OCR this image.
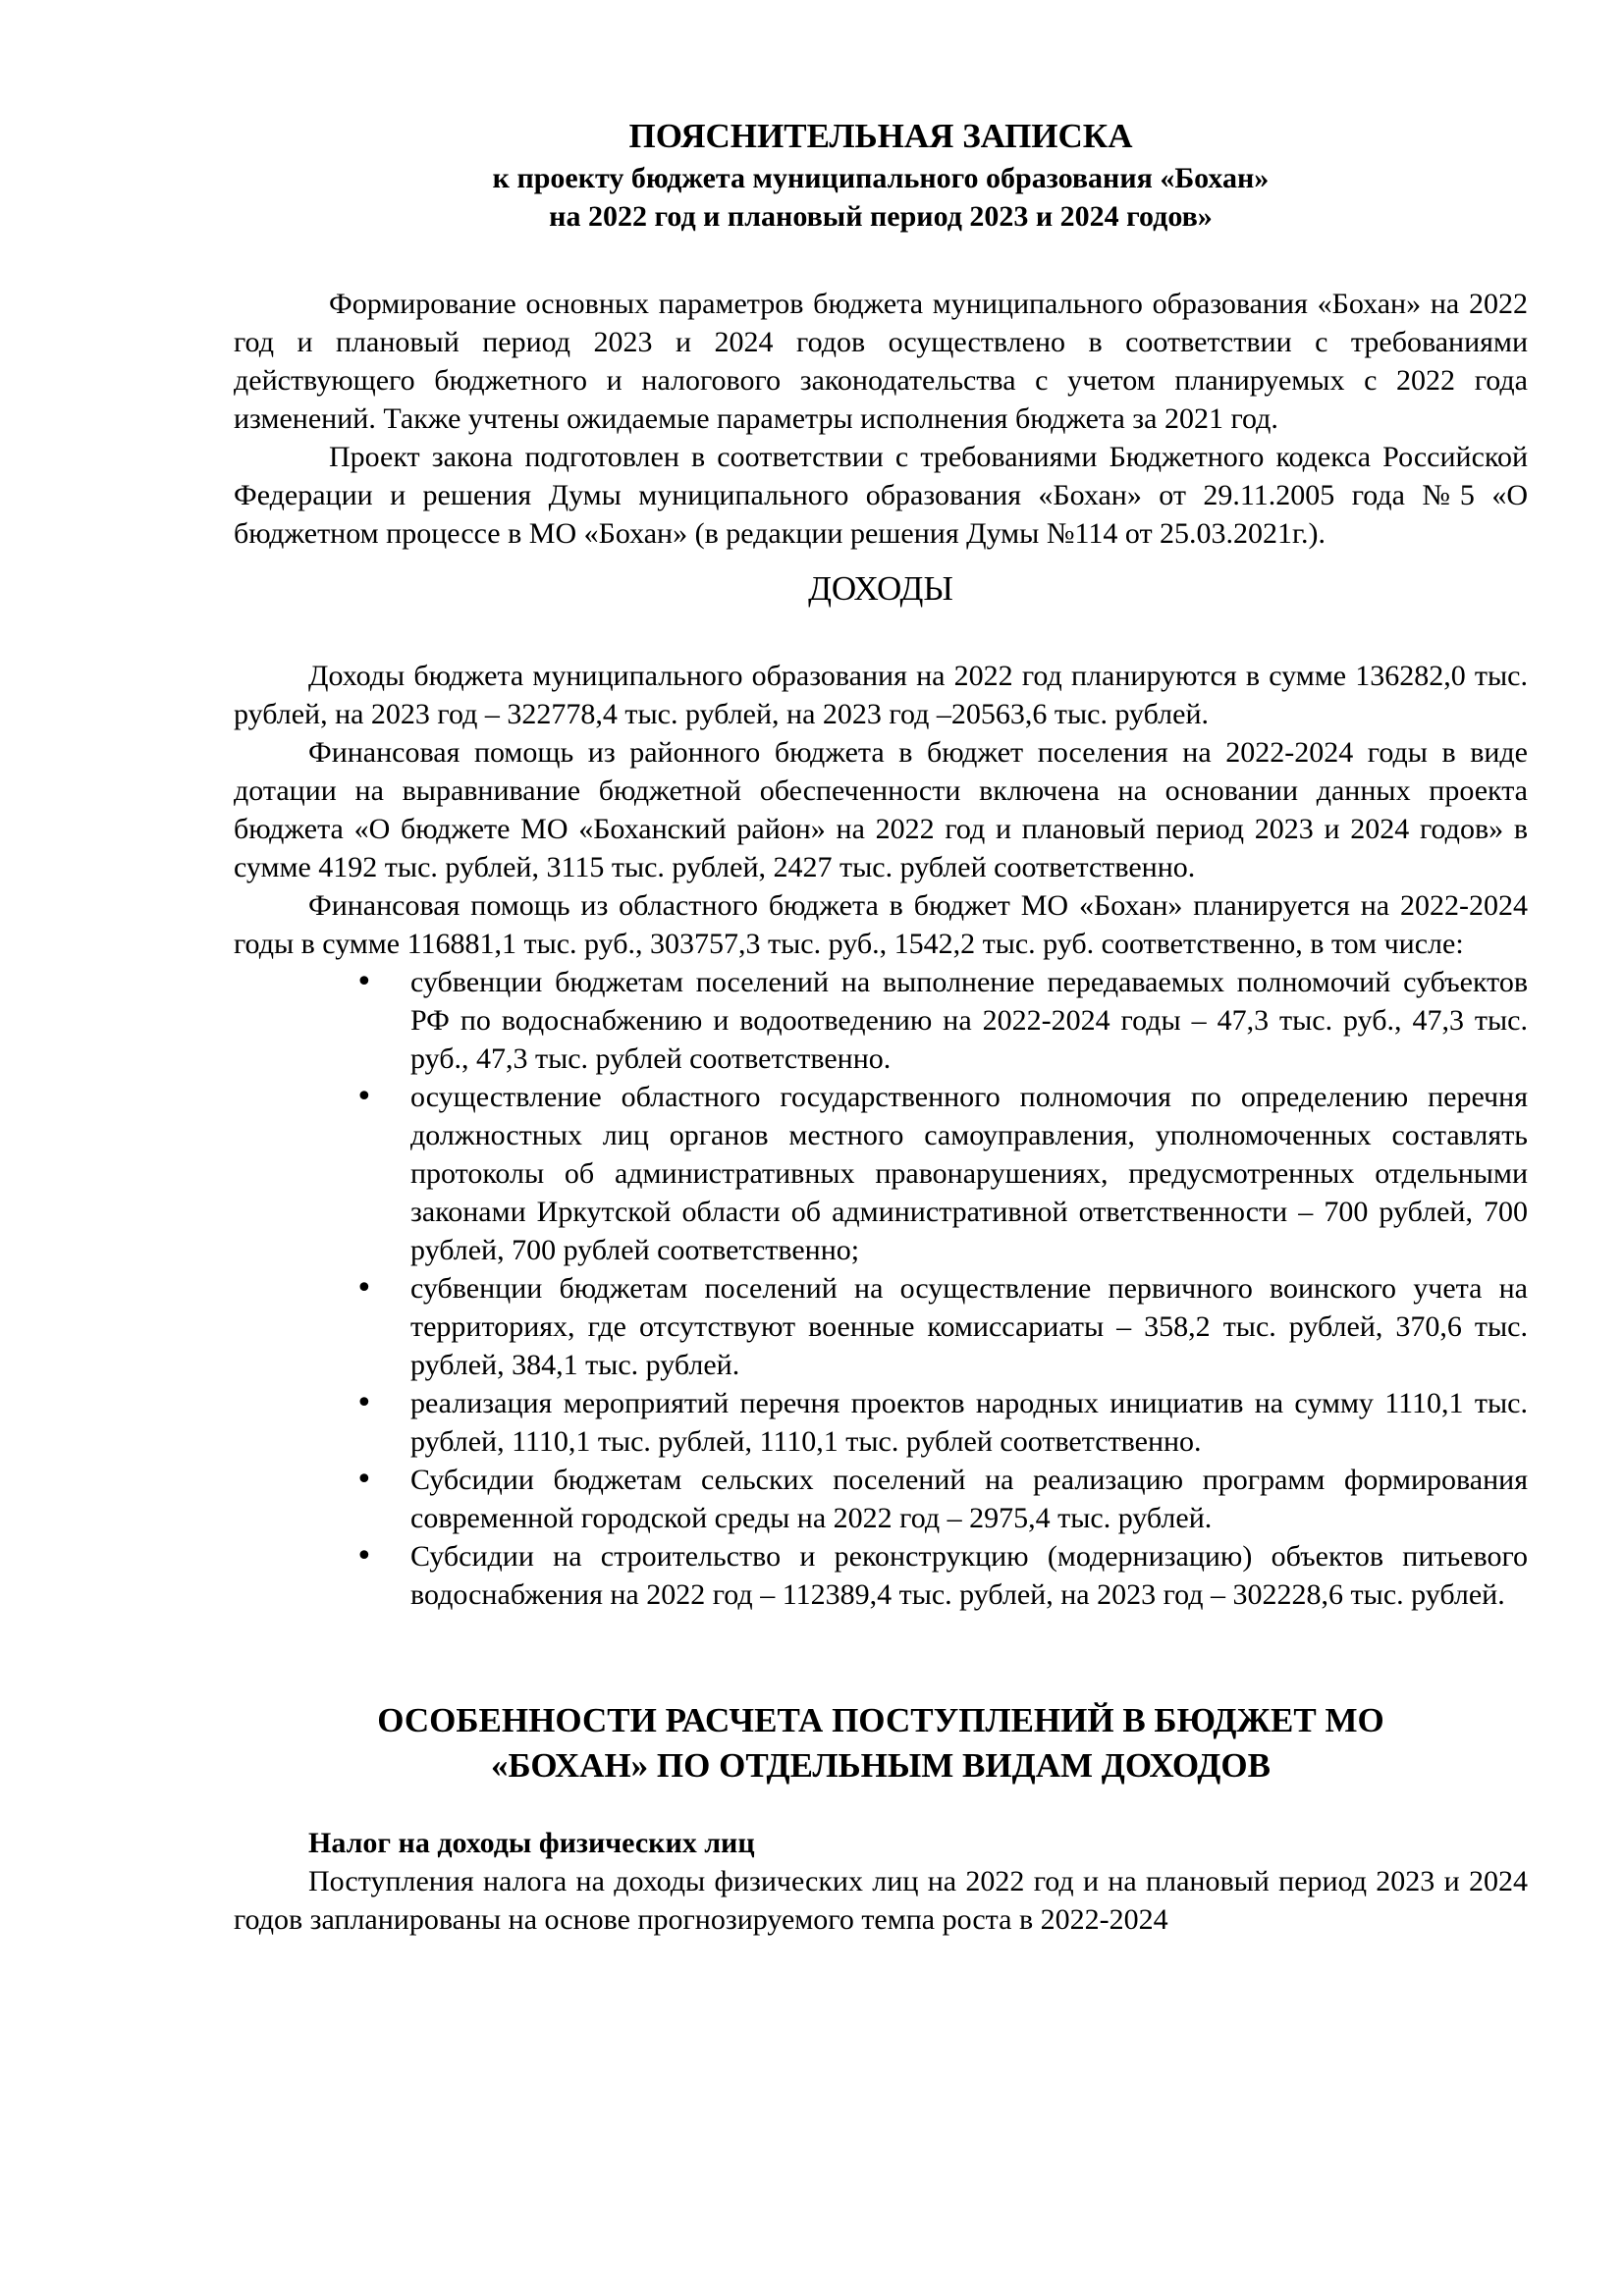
ПОЯСНИТЕЛЬНАЯ ЗАПИСКА
к проекту бюджета муниципального образования «Бохан»
на 2022 год и плановый период 2023 и 2024 годов»

Формирование основных параметров бюджета муниципального образования «Бохан» на 2022 год и плановый период 2023 и 2024 годов осуществлено в соответствии с требованиями действующего бюджетного и налогового законодательства с учетом планируемых с 2022 года изменений. Также учтены ожидаемые параметры исполнения бюджета за 2021 год.

Проект закона подготовлен в соответствии с требованиями Бюджетного кодекса Российской Федерации и решения Думы муниципального образования «Бохан» от 29.11.2005 года №5 «О бюджетном процессе в МО «Бохан» (в редакции решения Думы №114 от 25.03.2021г.).

ДОХОДЫ

Доходы бюджета муниципального образования на 2022 год планируются в сумме 136282,0 тыс. рублей, на 2023 год – 322778,4 тыс. рублей, на 2023 год –20563,6 тыс. рублей.

Финансовая помощь из районного бюджета в бюджет поселения на 2022-2024 годы в виде дотации на выравнивание бюджетной обеспеченности включена на основании данных проекта бюджета «О бюджете МО «Боханский район» на 2022 год и плановый период 2023 и 2024 годов» в сумме 4192 тыс. рублей, 3115 тыс. рублей, 2427 тыс. рублей соответственно.

Финансовая помощь из областного бюджета в бюджет МО «Бохан» планируется на 2022-2024 годы в сумме 116881,1 тыс. руб., 303757,3 тыс. руб., 1542,2 тыс. руб. соответственно, в том числе:

• субвенции бюджетам поселений на выполнение передаваемых полномочий субъектов РФ по водоснабжению и водоотведению на 2022-2024 годы – 47,3 тыс. руб., 47,3 тыс. руб., 47,3 тыс. рублей соответственно.
• осуществление областного государственного полномочия по определению перечня должностных лиц органов местного самоуправления, уполномоченных составлять протоколы об административных правонарушениях, предусмотренных отдельными законами Иркутской области об административной ответственности – 700 рублей, 700 рублей, 700 рублей соответственно;
• субвенции бюджетам поселений на осуществление первичного воинского учета на территориях, где отсутствуют военные комиссариаты – 358,2 тыс. рублей, 370,6 тыс. рублей, 384,1 тыс. рублей.
• реализация мероприятий перечня проектов народных инициатив на сумму 1110,1 тыс. рублей, 1110,1 тыс. рублей, 1110,1 тыс. рублей соответственно.
• Субсидии бюджетам сельских поселений на реализацию программ формирования современной городской среды на 2022 год – 2975,4 тыс. рублей.
• Субсидии на строительство и реконструкцию (модернизацию) объектов питьевого водоснабжения на 2022 год – 112389,4 тыс. рублей, на 2023 год – 302228,6 тыс. рублей.
ОСОБЕННОСТИ РАСЧЕТА ПОСТУПЛЕНИЙ В БЮДЖЕТ МО
«БОХАН» ПО ОТДЕЛЬНЫМ ВИДАМ ДОХОДОВ
Налог на доходы физических лиц

Поступления налога на доходы физических лиц на 2022 год и на плановый период 2023 и 2024 годов запланированы на основе прогнозируемого темпа роста в 2022-2024
